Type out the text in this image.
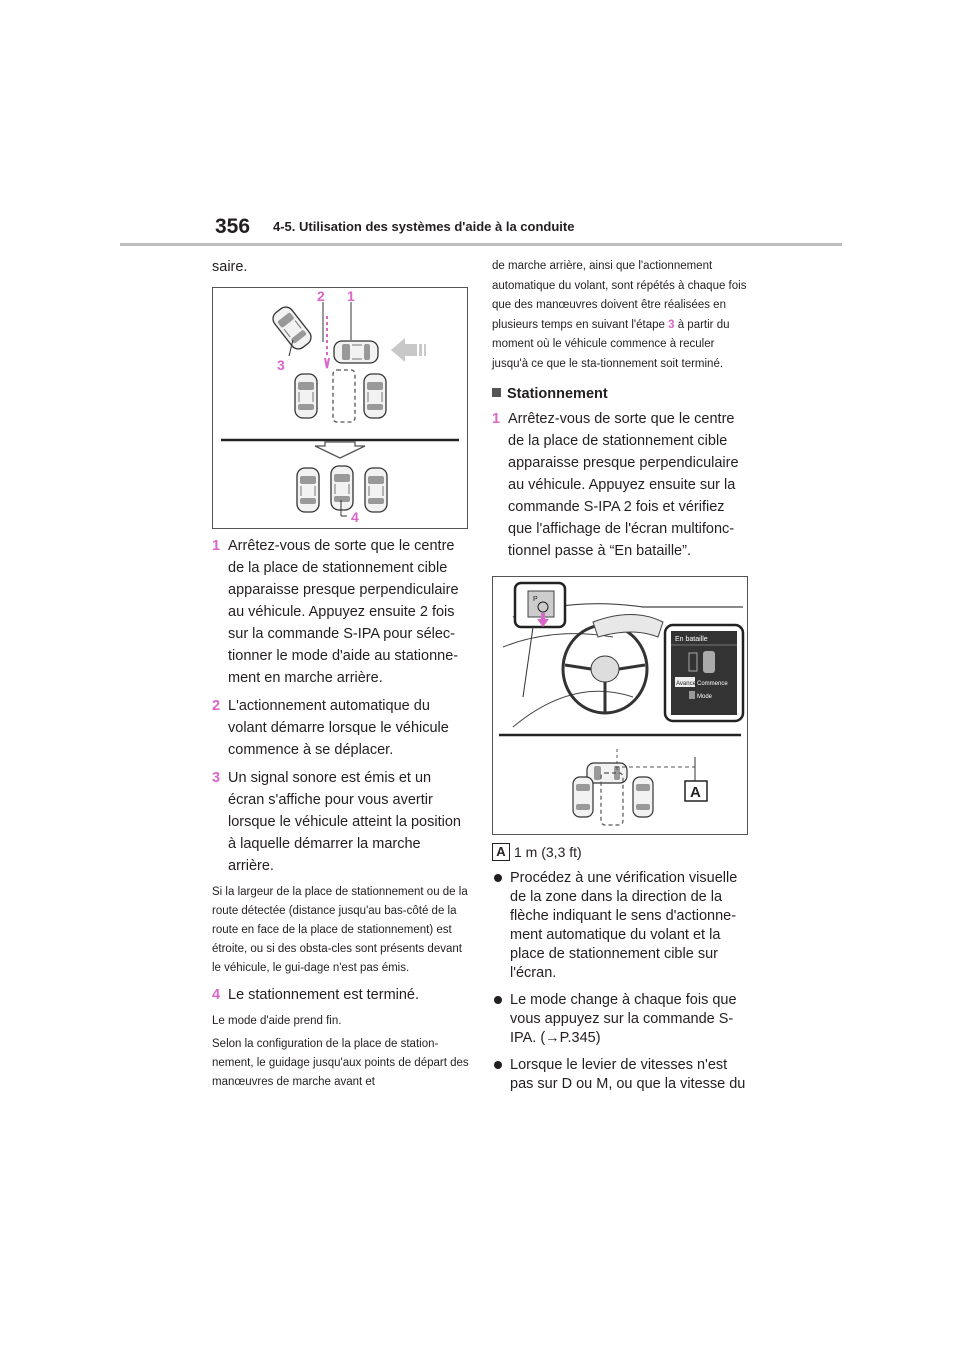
356 4-5. Utilisation des systèmes d'aide à la conduite
saire.
2 1
3
4
1 Arrêtez-vous de sorte que le centre de la place de stationnement cible apparaisse presque perpendiculaire au véhicule. Appuyez ensuite 2 fois sur la commande S-IPA pour sélec-tionner le mode d'aide au stationne-ment en marche arrière.
2 L'actionnement automatique du volant démarre lorsque le véhicule commence à se déplacer.
3 Un signal sonore est émis et un écran s'affiche pour vous avertir lorsque le véhicule atteint la position à laquelle démarrer la marche arrière.
Si la largeur de la place de stationnement ou de la route détectée (distance jusqu'au bas-côté de la route en face de la place de stationnement) est étroite, ou si des obsta-cles sont présents devant le véhicule, le gui-dage n'est pas émis.
4 Le stationnement est terminé.
Le mode d'aide prend fin.
Selon la configuration de la place de station-nement, le guidage jusqu'aux points de départ des manœuvres de marche avant et
de marche arrière, ainsi que l'actionnement automatique du volant, sont répétés à chaque fois que des manœuvres doivent être réalisées en plusieurs temps en suivant l'étape 3 à partir du moment où le véhicule commence à reculer jusqu'à ce que le sta-tionnement soit terminé.
Stationnement
1 Arrêtez-vous de sorte que le centre de la place de stationnement cible apparaisse presque perpendiculaire au véhicule. Appuyez ensuite sur la commande S-IPA 2 fois et vérifiez que l'affichage de l'écran multifonc-tionnel passe à “En bataille”.
P
En bataille
Avancer Commence
Mode
A
A 1 m (3,3 ft)
Procédez à une vérification visuelle de la zone dans la direction de la flèche indiquant le sens d'actionne-ment automatique du volant et la place de stationnement cible sur l'écran.
Le mode change à chaque fois que vous appuyez sur la commande S-IPA. (→P.345)
Lorsque le levier de vitesses n'est pas sur D ou M, ou que la vitesse du
